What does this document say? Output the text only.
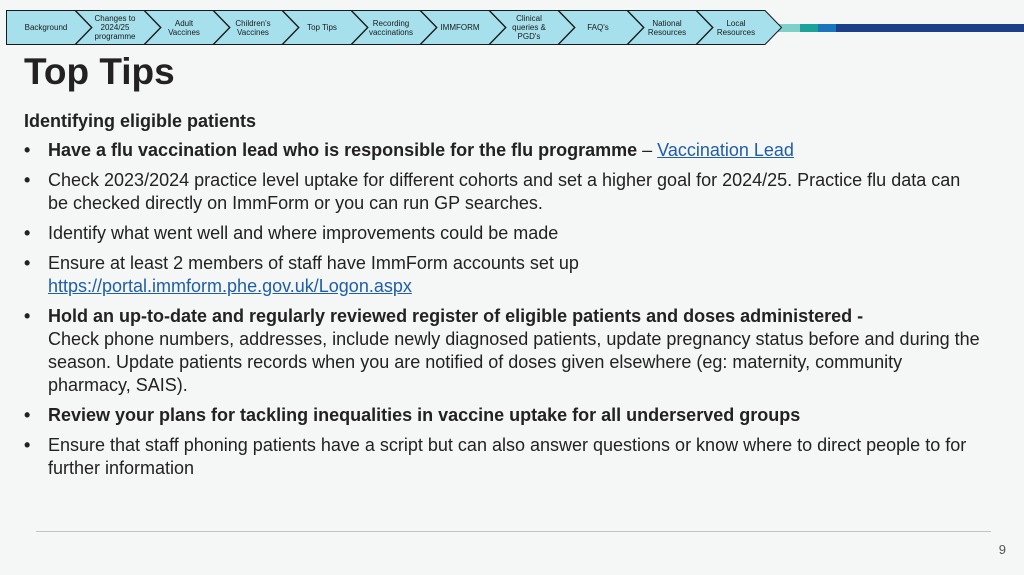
Background
Changes to
2024/25
programme
Adult
Vaccines
Children's
Vaccines	Top Tips	Recording
vaccinations	IMMFORM
Clinical
queries &
PGD's
FAQ's	National
Resources
Local
Resources
Top Tips
Identifying eligible patients
• Have a flu vaccination lead who is responsible for the flu programme – Vaccination Lead
• Check 2023/2024 practice level uptake for different cohorts and set a higher goal for 2024/25. Practice flu data can be checked directly on ImmForm or you can run GP searches.
• Identify what went well and where improvements could be made
• Ensure at least 2 members of staff have ImmForm accounts set up
https://portal.immform.phe.gov.uk/Logon.aspx
• Hold an up-to-date and regularly reviewed register of eligible patients and doses administered -
Check phone numbers, addresses, include newly diagnosed patients, update pregnancy status before and during the season. Update patients records when you are notified of doses given elsewhere (eg: maternity, community pharmacy, SAIS).
• Review your plans for tackling inequalities in vaccine uptake for all underserved groups
• Ensure that staff phoning patients have a script but can also answer questions or know where to direct people to for further information
9
